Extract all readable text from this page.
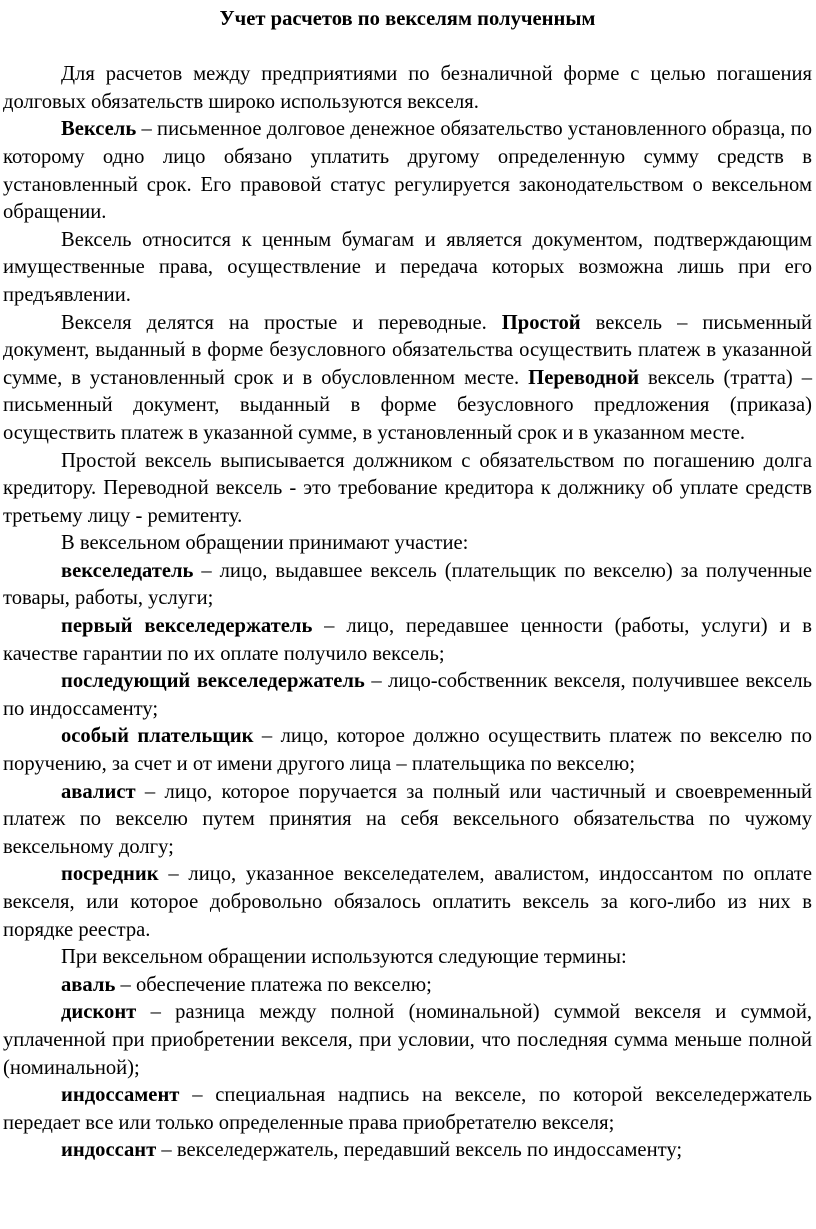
Учет расчетов по векселям полученным

Для расчетов между предприятиями по безналичной форме с целью погашения долговых обязательств широко используются векселя.

Вексель – письменное долговое денежное обязательство установленного образца, по которому одно лицо обязано уплатить другому определенную сумму средств в установленный срок. Его правовой статус регулируется законодательством о вексельном обращении.

Вексель относится к ценным бумагам и является документом, подтверждающим имущественные права, осуществление и передача которых возможна лишь при его предъявлении.

Векселя делятся на простые и переводные. Простой вексель – письменный документ, выданный в форме безусловного обязательства осуществить платеж в указанной сумме, в установленный срок и в обусловленном месте. Переводной вексель (тратта) – письменный документ, выданный в форме безусловного предложения (приказа) осуществить платеж в указанной сумме, в установленный срок и в указанном месте.

Простой вексель выписывается должником с обязательством по погашению долга кредитору. Переводной вексель - это требование кредитора к должнику об уплате средств третьему лицу - ремитенту.

В вексельном обращении принимают участие:

векселедатель – лицо, выдавшее вексель (плательщик по векселю) за полученные товары, работы, услуги;

первый векселедержатель – лицо, передавшее ценности (работы, услуги) и в качестве гарантии по их оплате получило вексель;

последующий векселедержатель – лицо-собственник векселя, получившее вексель по индоссаменту;

особый плательщик – лицо, которое должно осуществить платеж по векселю по поручению, за счет и от имени другого лица – плательщика по векселю;

авалист – лицо, которое поручается за полный или частичный и своевременный платеж по векселю путем принятия на себя вексельного обязательства по чужому вексельному долгу;

посредник – лицо, указанное векселедателем, авалистом, индоссантом по оплате векселя, или которое добровольно обязалось оплатить вексель за кого-либо из них в порядке реестра.

При вексельном обращении используются следующие термины:

аваль – обеспечение платежа по векселю;

дисконт – разница между полной (номинальной) суммой векселя и суммой, уплаченной при приобретении векселя, при условии, что последняя сумма меньше полной (номинальной);

индоссамент – специальная надпись на векселе, по которой векселедержатель передает все или только определенные права приобретателю векселя;

индоссант – векселедержатель, передавший вексель по индоссаменту;
